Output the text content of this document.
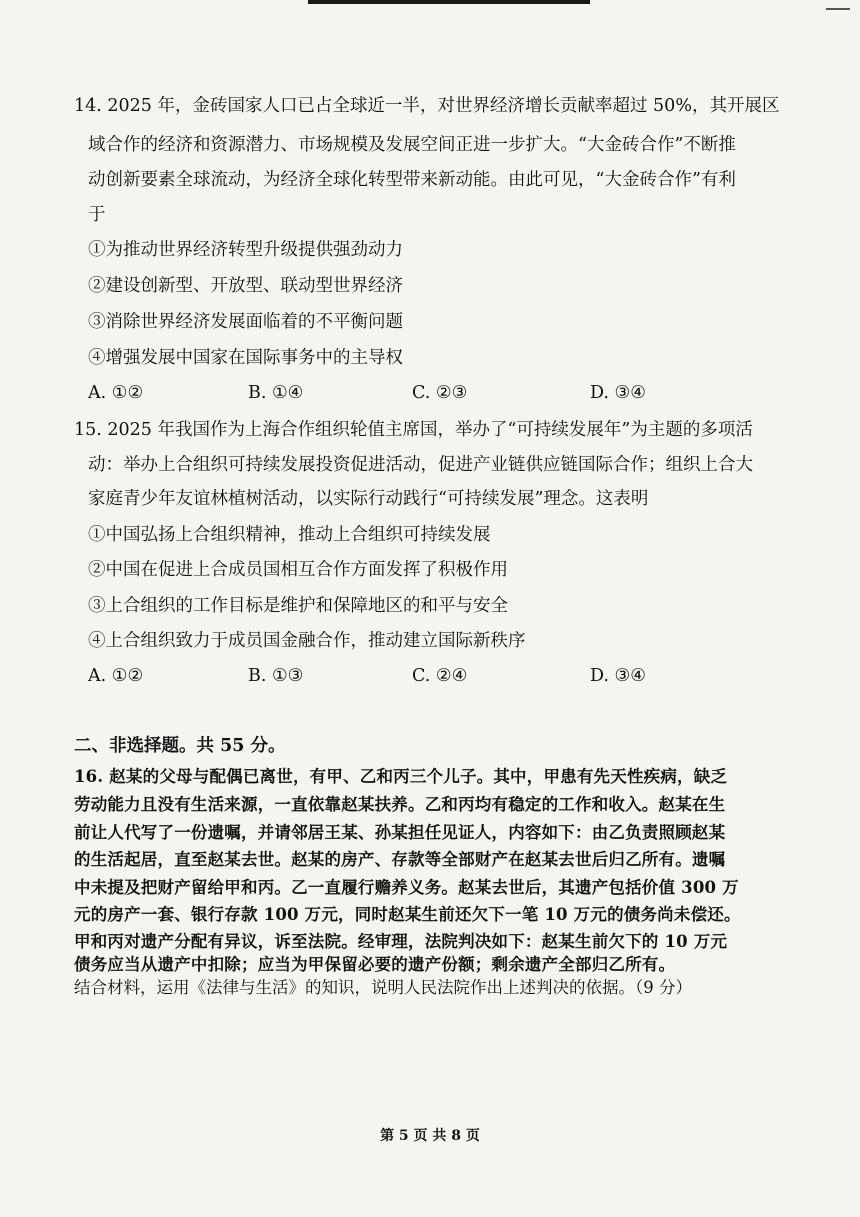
14. 2025 年，金砖国家人口已占全球近一半，对世界经济增长贡献率超过 50%，其开展区
域合作的经济和资源潜力、市场规模及发展空间正进一步扩大。“大金砖合作”不断推
动创新要素全球流动，为经济全球化转型带来新动能。由此可见，“大金砖合作”有利
于
①为推动世界经济转型升级提供强劲动力
②建设创新型、开放型、联动型世界经济
③消除世界经济发展面临着的不平衡问题
④增强发展中国家在国际事务中的主导权
A. ①②	B. ①④	C. ②③	D. ③④
15. 2025 年我国作为上海合作组织轮值主席国，举办了“可持续发展年”为主题的多项活
动：举办上合组织可持续发展投资促进活动，促进产业链供应链国际合作；组织上合大
家庭青少年友谊林植树活动，以实际行动践行“可持续发展”理念。这表明
①中国弘扬上合组织精神，推动上合组织可持续发展
②中国在促进上合成员国相互合作方面发挥了积极作用
③上合组织的工作目标是维护和保障地区的和平与安全
④上合组织致力于成员国金融合作，推动建立国际新秩序
A. ①②	B. ①③	C. ②④	D. ③④
二、非选择题。共 55 分。
16. 赵某的父母与配偶已离世，有甲、乙和丙三个儿子。其中，甲患有先天性疾病，缺乏
劳动能力且没有生活来源，一直依靠赵某扶养。乙和丙均有稳定的工作和收入。赵某在生
前让人代写了一份遗嘱，并请邻居王某、孙某担任见证人，内容如下：由乙负责照顾赵某
的生活起居，直至赵某去世。赵某的房产、存款等全部财产在赵某去世后归乙所有。遗嘱
中未提及把财产留给甲和丙。乙一直履行赡养义务。赵某去世后，其遗产包括价值 300 万
元的房产一套、银行存款 100 万元，同时赵某生前还欠下一笔 10 万元的债务尚未偿还。
甲和丙对遗产分配有异议，诉至法院。经审理，法院判决如下：赵某生前欠下的 10 万元
债务应当从遗产中扣除；应当为甲保留必要的遗产份额；剩余遗产全部归乙所有。
结合材料，运用《法律与生活》的知识，说明人民法院作出上述判决的依据。（9 分）
第 5 页 共 8 页
